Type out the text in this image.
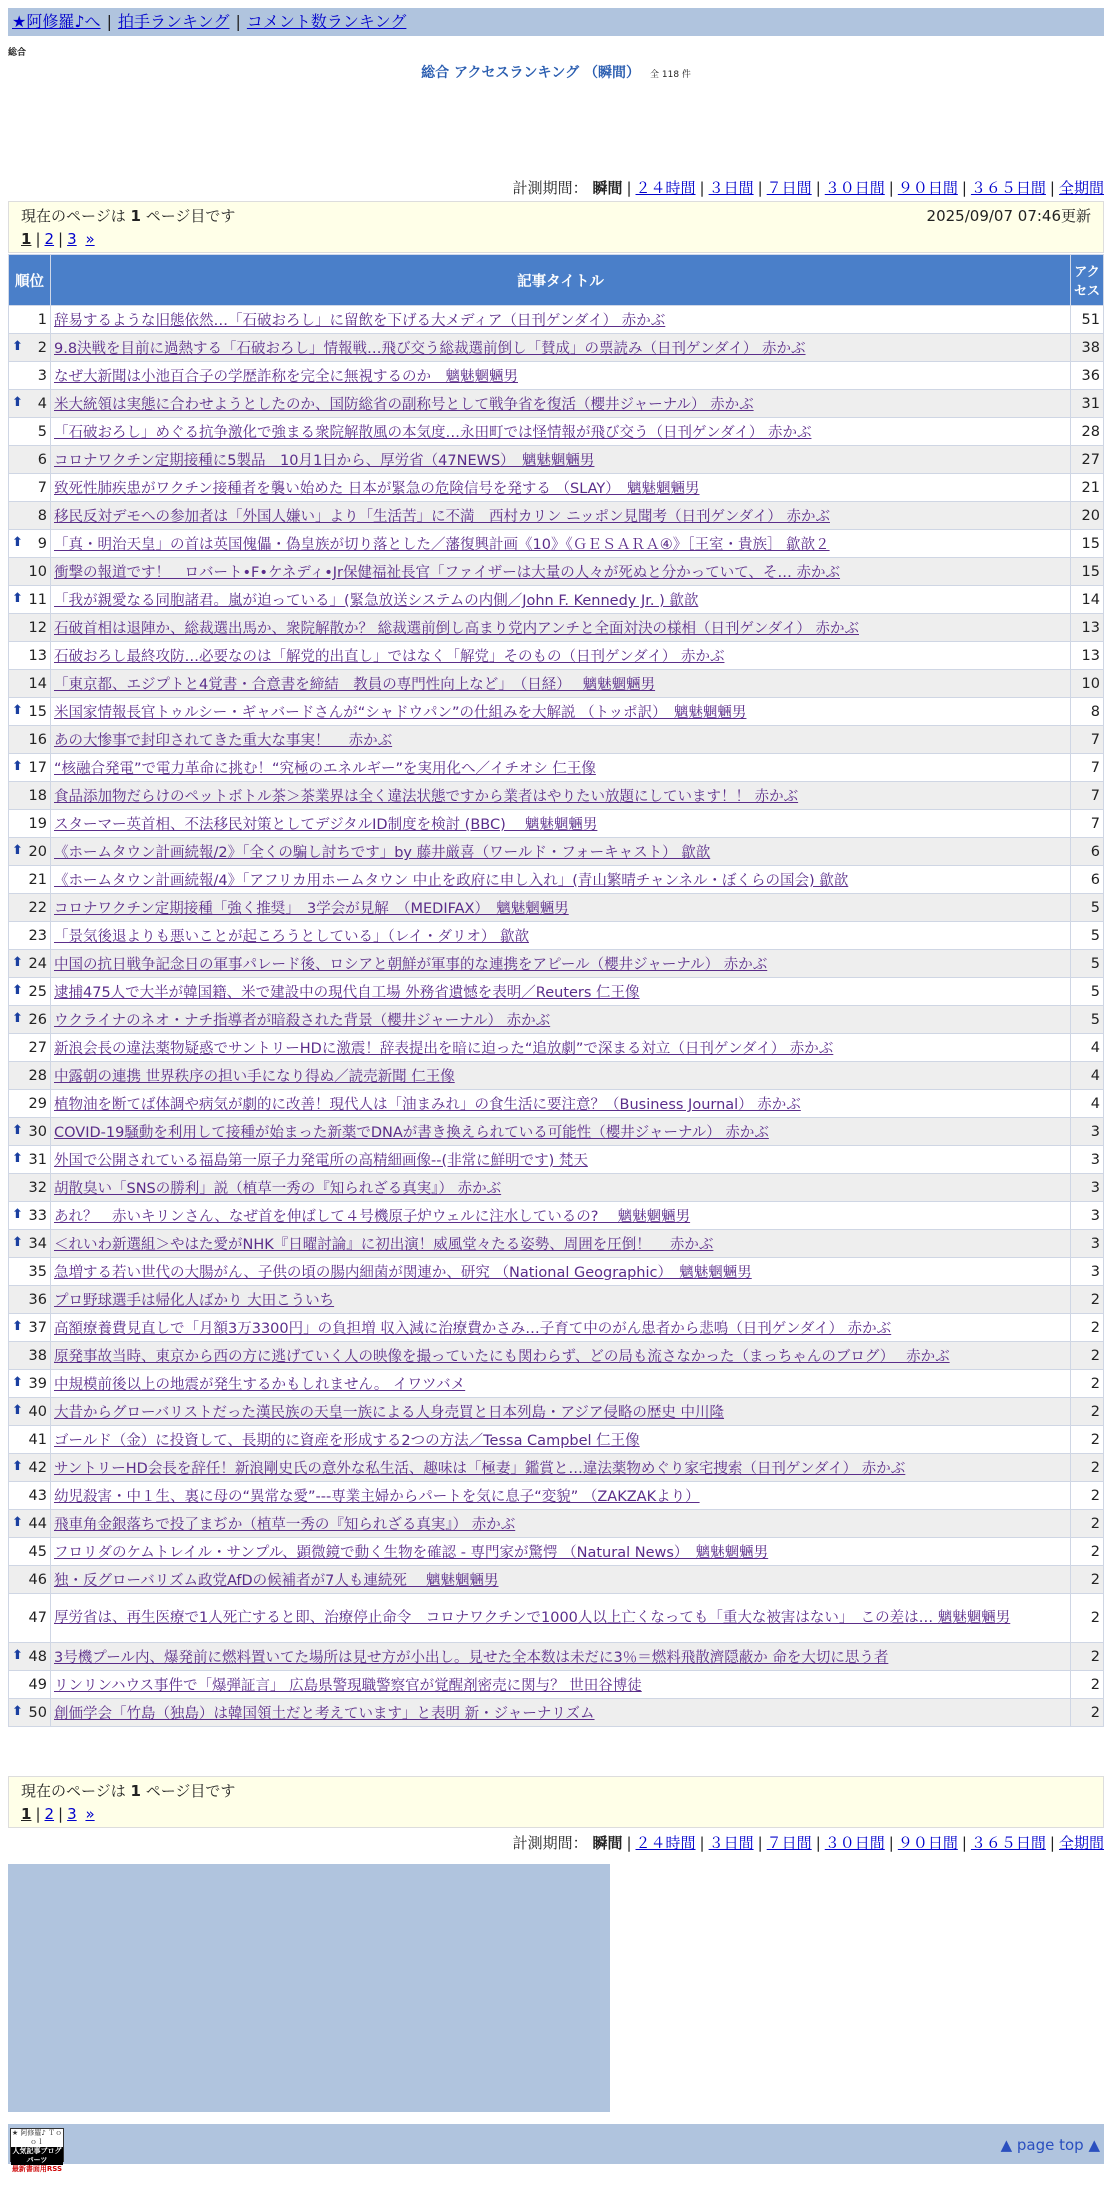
★阿修羅♪へ | 拍手ランキング | コメント数ランキング
総合
総合 アクセスランキング （瞬間） 全 118 件
計測期間： 瞬間 | ２４時間 | ３日間 | ７日間 | ３０日間 | ９０日間 | ３６５日間 | 全期間
現在のページは 1 ページ目です	2025/09/07 07:46更新
1 | 2 | 3 »
順位	記事タイトル	アクセス
1	辞易するような旧態依然…「石破おろし」に留飲を下げる大メディア（日刊ゲンダイ） 赤かぶ	51

⬆ 2	9.8決戦を目前に過熱する「石破おろし」情報戦…飛び交う総裁選前倒し「賛成」の票読み（日刊ゲンダイ） 赤かぶ	38
3	なぜ大新聞は小池百合子の学歴詐称を完全に無視するのか　魑魅魍魎男	36

⬆ 4	米大統領は実態に合わせようとしたのか、国防総省の副称号として戦争省を復活（櫻井ジャーナル） 赤かぶ	31
5	「石破おろし」めぐる抗争激化で強まる衆院解散風の本気度…永田町では怪情報が飛び交う（日刊ゲンダイ） 赤かぶ	28
6	コロナワクチン定期接種に5製品　10月1日から、厚労省（47NEWS）　魑魅魍魎男	27
7	致死性肺疾患がワクチン接種者を襲い始めた 日本が緊急の危険信号を発する （SLAY）　魑魅魍魎男	21
8	移民反対デモへの参加者は「外国人嫌い」より「生活苦」に不満　西村カリン ニッポン見聞考（日刊ゲンダイ） 赤かぶ	20

⬆ 9	「真・明治天皇」の首は英国傀儡・偽皇族が切り落とした／藩復興計画《10》《ＧＥＳＡＲＡ④》［王室・貴族］ 歙歆２	15
10	衝撃の報道です！　ロバート•F•ケネディ•Jr保健福祉長官「ファイザーは大量の人々が死ぬと分かっていて、そ… 赤かぶ	15

⬆ 11	「我が親愛なる同胞諸君。嵐が迫っている」(緊急放送システムの内側／John F. Kennedy Jr. ) 歙歆	14
12	石破首相は退陣か、総裁選出馬か、衆院解散か？ 総裁選前倒し高まり党内アンチと全面対決の様相（日刊ゲンダイ） 赤かぶ	13
13	石破おろし最終攻防…必要なのは「解党的出直し」ではなく「解党」そのもの（日刊ゲンダイ） 赤かぶ	13
14	「東京都、エジプトと4覚書・合意書を締結　教員の専門性向上など」　（日経）　 魑魅魍魎男	10

⬆ 15	米国家情報長官トゥルシー・ギャバードさんが“シャドウパン”の仕組みを大解説 （トッポ訳）　魑魅魍魎男	8
16	あの大惨事で封印されてきた重大な事実！　 赤かぶ	7

⬆ 17	“核融合発電”で電力革命に挑む！“究極のエネルギー”を実用化へ／イチオシ 仁王像	7
18	食品添加物だらけのペットボトル茶＞茶業界は全く違法状態ですから業者はやりたい放題にしています！！ 赤かぶ	7
19	スターマー英首相、不法移民対策としてデジタルID制度を検討 (BBC)　 魑魅魍魎男	7

⬆ 20	《ホームタウン計画続報/2》「全くの騙し討ちです」by 藤井厳喜（ワールド・フォーキャスト） 歙歆	6
21	《ホームタウン計画続報/4》「アフリカ用ホームタウン 中止を政府に申し入れ」(青山繁晴チャンネル・ぼくらの国会) 歙歆	6
22	コロナワクチン定期接種「強く推奨」　3学会が見解　（MEDIFAX）　魑魅魍魎男	5
23	「景気後退よりも悪いことが起ころうとしている」（レイ・ダリオ） 歙歆	5

⬆ 24	中国の抗日戦争記念日の軍事パレード後、ロシアと朝鮮が軍事的な連携をアピール（櫻井ジャーナル） 赤かぶ	5

⬆ 25	逮捕475人で大半が韓国籍、米で建設中の現代自工場 外務省遺憾を表明／Reuters 仁王像	5

⬆ 26	ウクライナのネオ・ナチ指導者が暗殺された背景（櫻井ジャーナル） 赤かぶ	5
27	新浪会長の違法薬物疑惑でサントリーHDに激震！辞表提出を暗に迫った“追放劇”で深まる対立（日刊ゲンダイ） 赤かぶ	4
28	中露朝の連携 世界秩序の担い手になり得ぬ／読売新聞 仁王像	4
29	植物油を断てば体調や病気が劇的に改善！現代人は「油まみれ」の食生活に要注意？（Business Journal） 赤かぶ	4

⬆ 30	COVID-19騒動を利用して接種が始まった新薬でDNAが書き換えられている可能性（櫻井ジャーナル） 赤かぶ	3

⬆ 31	外国で公開されている福島第一原子力発電所の高精細画像--(非常に鮮明です) 梵天	3
32	胡散臭い「SNSの勝利」説（植草一秀の『知られざる真実』） 赤かぶ	3

⬆ 33	あれ？　赤いキリンさん、なぜ首を伸ばして４号機原子炉ウェルに注水しているの?　 魑魅魍魎男	3

⬆ 34	＜れいわ新選組＞やはた愛がNHK『日曜討論』に初出演！威風堂々たる姿勢、周囲を圧倒！　 赤かぶ	3
35	急増する若い世代の大腸がん、子供の頃の腸内細菌が関連か、研究 （National Geographic）　魑魅魍魎男	3
36	プロ野球選手は帰化人ばかり 大田こういち	2

⬆ 37	高額療養費見直しで「月額3万3300円」の負担増 収入減に治療費かさみ…子育て中のがん患者から悲鳴（日刊ゲンダイ） 赤かぶ	2
38	原発事故当時、東京から西の方に逃げていく人の映像を撮っていたにも関わらず、どの局も流さなかった（まっちゃんのブログ）　 赤かぶ	2

⬆ 39	中規模前後以上の地震が発生するかもしれません。 イワツバメ	2

⬆ 40	大昔からグローバリストだった漢民族の天皇一族による人身売買と日本列島・アジア侵略の歴史 中川隆	2
41	ゴールド（金）に投資して、長期的に資産を形成する2つの方法／Tessa Campbel 仁王像	2

⬆ 42	サントリーHD会長を辞任！新浪剛史氏の意外な私生活、趣味は「極妻」鑑賞と…違法薬物めぐり家宅捜索（日刊ゲンダイ） 赤かぶ	2
43	幼児殺害・中１生、裏に母の“異常な愛”---専業主婦からパートを気に息子“変貌” （ZAKZAKより）	2

⬆ 44	飛車角金銀落ちで投了まぢか（植草一秀の『知られざる真実』） 赤かぶ	2
45	フロリダのケムトレイル・サンプル、顕微鏡で動く生物を確認 - 専門家が驚愕 （Natural News）　魑魅魍魎男	2
46	独・反グローバリズム政党AfDの候補者が7人も連続死　 魑魅魍魎男	2
47	厚労省は、再生医療で1人死亡すると即、治療停止命令　コロナワクチンで1000人以上亡くなっても「重大な被害はない」　この差は… 魑魅魍魎男	2

⬆ 48	3号機プール内、爆発前に燃料置いてた場所は見せ方が小出し。見せた全本数は未だに3％＝燃料飛散濟隠蔽か 命を大切に思う者	2
49	リンリンハウス事件で「爆弾証言」 広島県警現職警察官が覚醒剤密売に関与？ 世田谷博徒	2

⬆ 50	創価学会「竹島（独島）は韓国領土だと考えています」と表明 新・ジャーナリズム	2
計測期間： 瞬間 | ２４時間 | ３日間 | ７日間 | ３０日間 | ９０日間 | ３６５日間 | 全期間
現在のページは 1 ページ目です
1 | 2 | 3 »
★ 阿修羅♪ Ｔｏｏｌ
人気記事ブログパーツ
最新書面用RSS
▲ page top ▲
